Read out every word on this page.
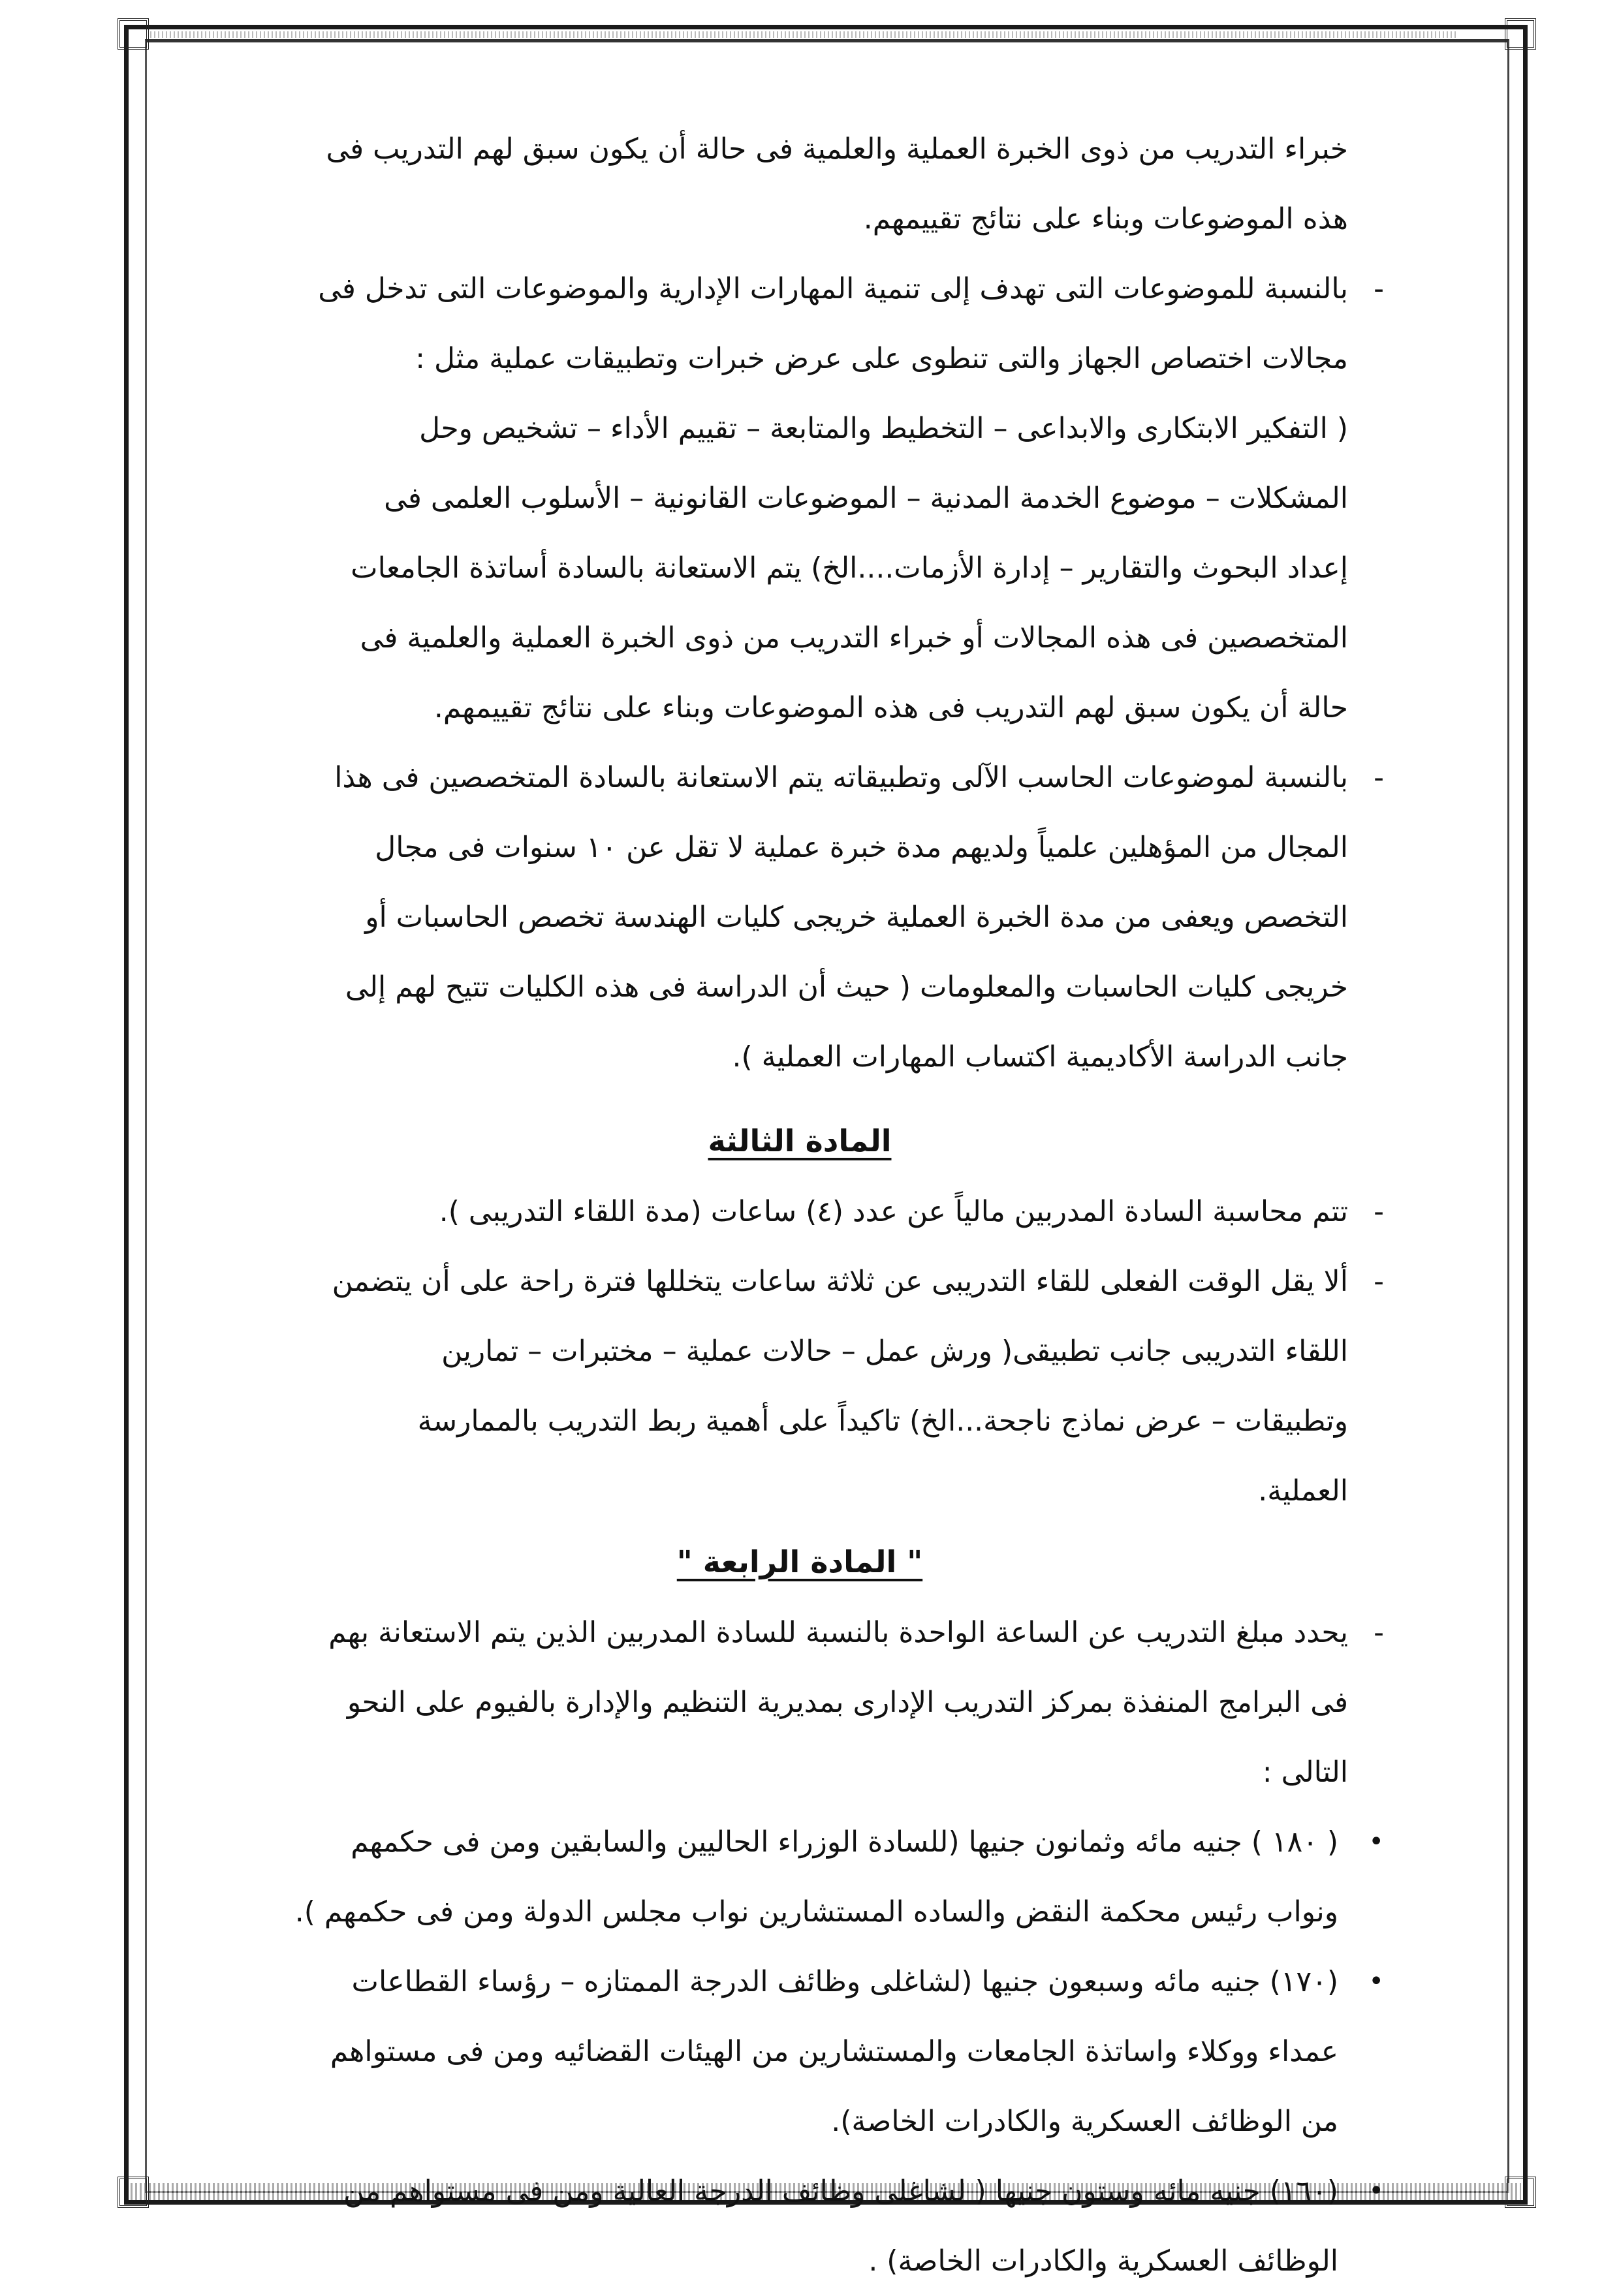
خبراء التدريب من ذوى الخبرة العملية والعلمية فى حالة أن يكون سبق لهم التدريب فى
هذه الموضوعات وبناء على نتائج تقييمهم.
-
بالنسبة للموضوعات التى تهدف إلى تنمية المهارات الإدارية والموضوعات التى تدخل فى
مجالات اختصاص الجهاز والتى تنطوى على عرض خبرات وتطبيقات عملية مثل :
( التفكير الابتكارى والابداعى – التخطيط والمتابعة – تقييم الأداء – تشخيص وحل
المشكلات – موضوع الخدمة المدنية – الموضوعات القانونية – الأسلوب العلمى فى
إعداد البحوث والتقارير – إدارة الأزمات....الخ) يتم الاستعانة بالسادة أساتذة الجامعات
المتخصصين فى هذه المجالات أو خبراء التدريب من ذوى الخبرة العملية والعلمية فى
حالة أن يكون سبق لهم التدريب فى هذه الموضوعات وبناء على نتائج تقييمهم.
-
بالنسبة لموضوعات الحاسب الآلى وتطبيقاته يتم الاستعانة بالسادة المتخصصين فى هذا
المجال من المؤهلين علمياً ولديهم مدة خبرة عملية لا تقل عن ١٠ سنوات فى مجال
التخصص ويعفى من مدة الخبرة العملية خريجى كليات الهندسة تخصص الحاسبات أو
خريجى كليات الحاسبات والمعلومات ( حيث أن الدراسة فى هذه الكليات تتيح لهم إلى
جانب الدراسة الأكاديمية اكتساب المهارات العملية ).
المادة الثالثة
-
تتم محاسبة السادة المدربين مالياً عن عدد (٤) ساعات (مدة اللقاء التدريبى ).
-
ألا يقل الوقت الفعلى للقاء التدريبى عن ثلاثة ساعات يتخللها فترة راحة على أن يتضمن
اللقاء التدريبى جانب تطبيقى( ورش عمل – حالات عملية – مختبرات – تمارين
وتطبيقات – عرض نماذج ناجحة...الخ) تاكيداً على أهمية ربط التدريب بالممارسة
العملية.
" المادة الرابعة "
-
يحدد مبلغ التدريب عن الساعة الواحدة بالنسبة للسادة المدربين الذين يتم الاستعانة بهم
فى البرامج المنفذة بمركز التدريب الإدارى بمديرية التنظيم والإدارة بالفيوم على النحو
التالى :
•
( ١٨٠ ) جنيه مائه وثمانون جنيها (للسادة الوزراء الحاليين والسابقين ومن فى حكمهم
ونواب رئيس محكمة النقض والساده المستشارين نواب مجلس الدولة ومن فى حكمهم ).
•
(١٧٠) جنيه مائه وسبعون جنيها (لشاغلى وظائف الدرجة الممتازه – رؤساء القطاعات
عمداء ووكلاء واساتذة الجامعات والمستشارين من الهيئات القضائيه ومن فى مستواهم
من الوظائف العسكرية والكادرات الخاصة).
•
(١٦٠) جنيه مائه وستون جنيها ( لشاغلى وظائف الدرجة العالية ومن فى مستواهم من
الوظائف العسكرية والكادرات الخاصة) .
